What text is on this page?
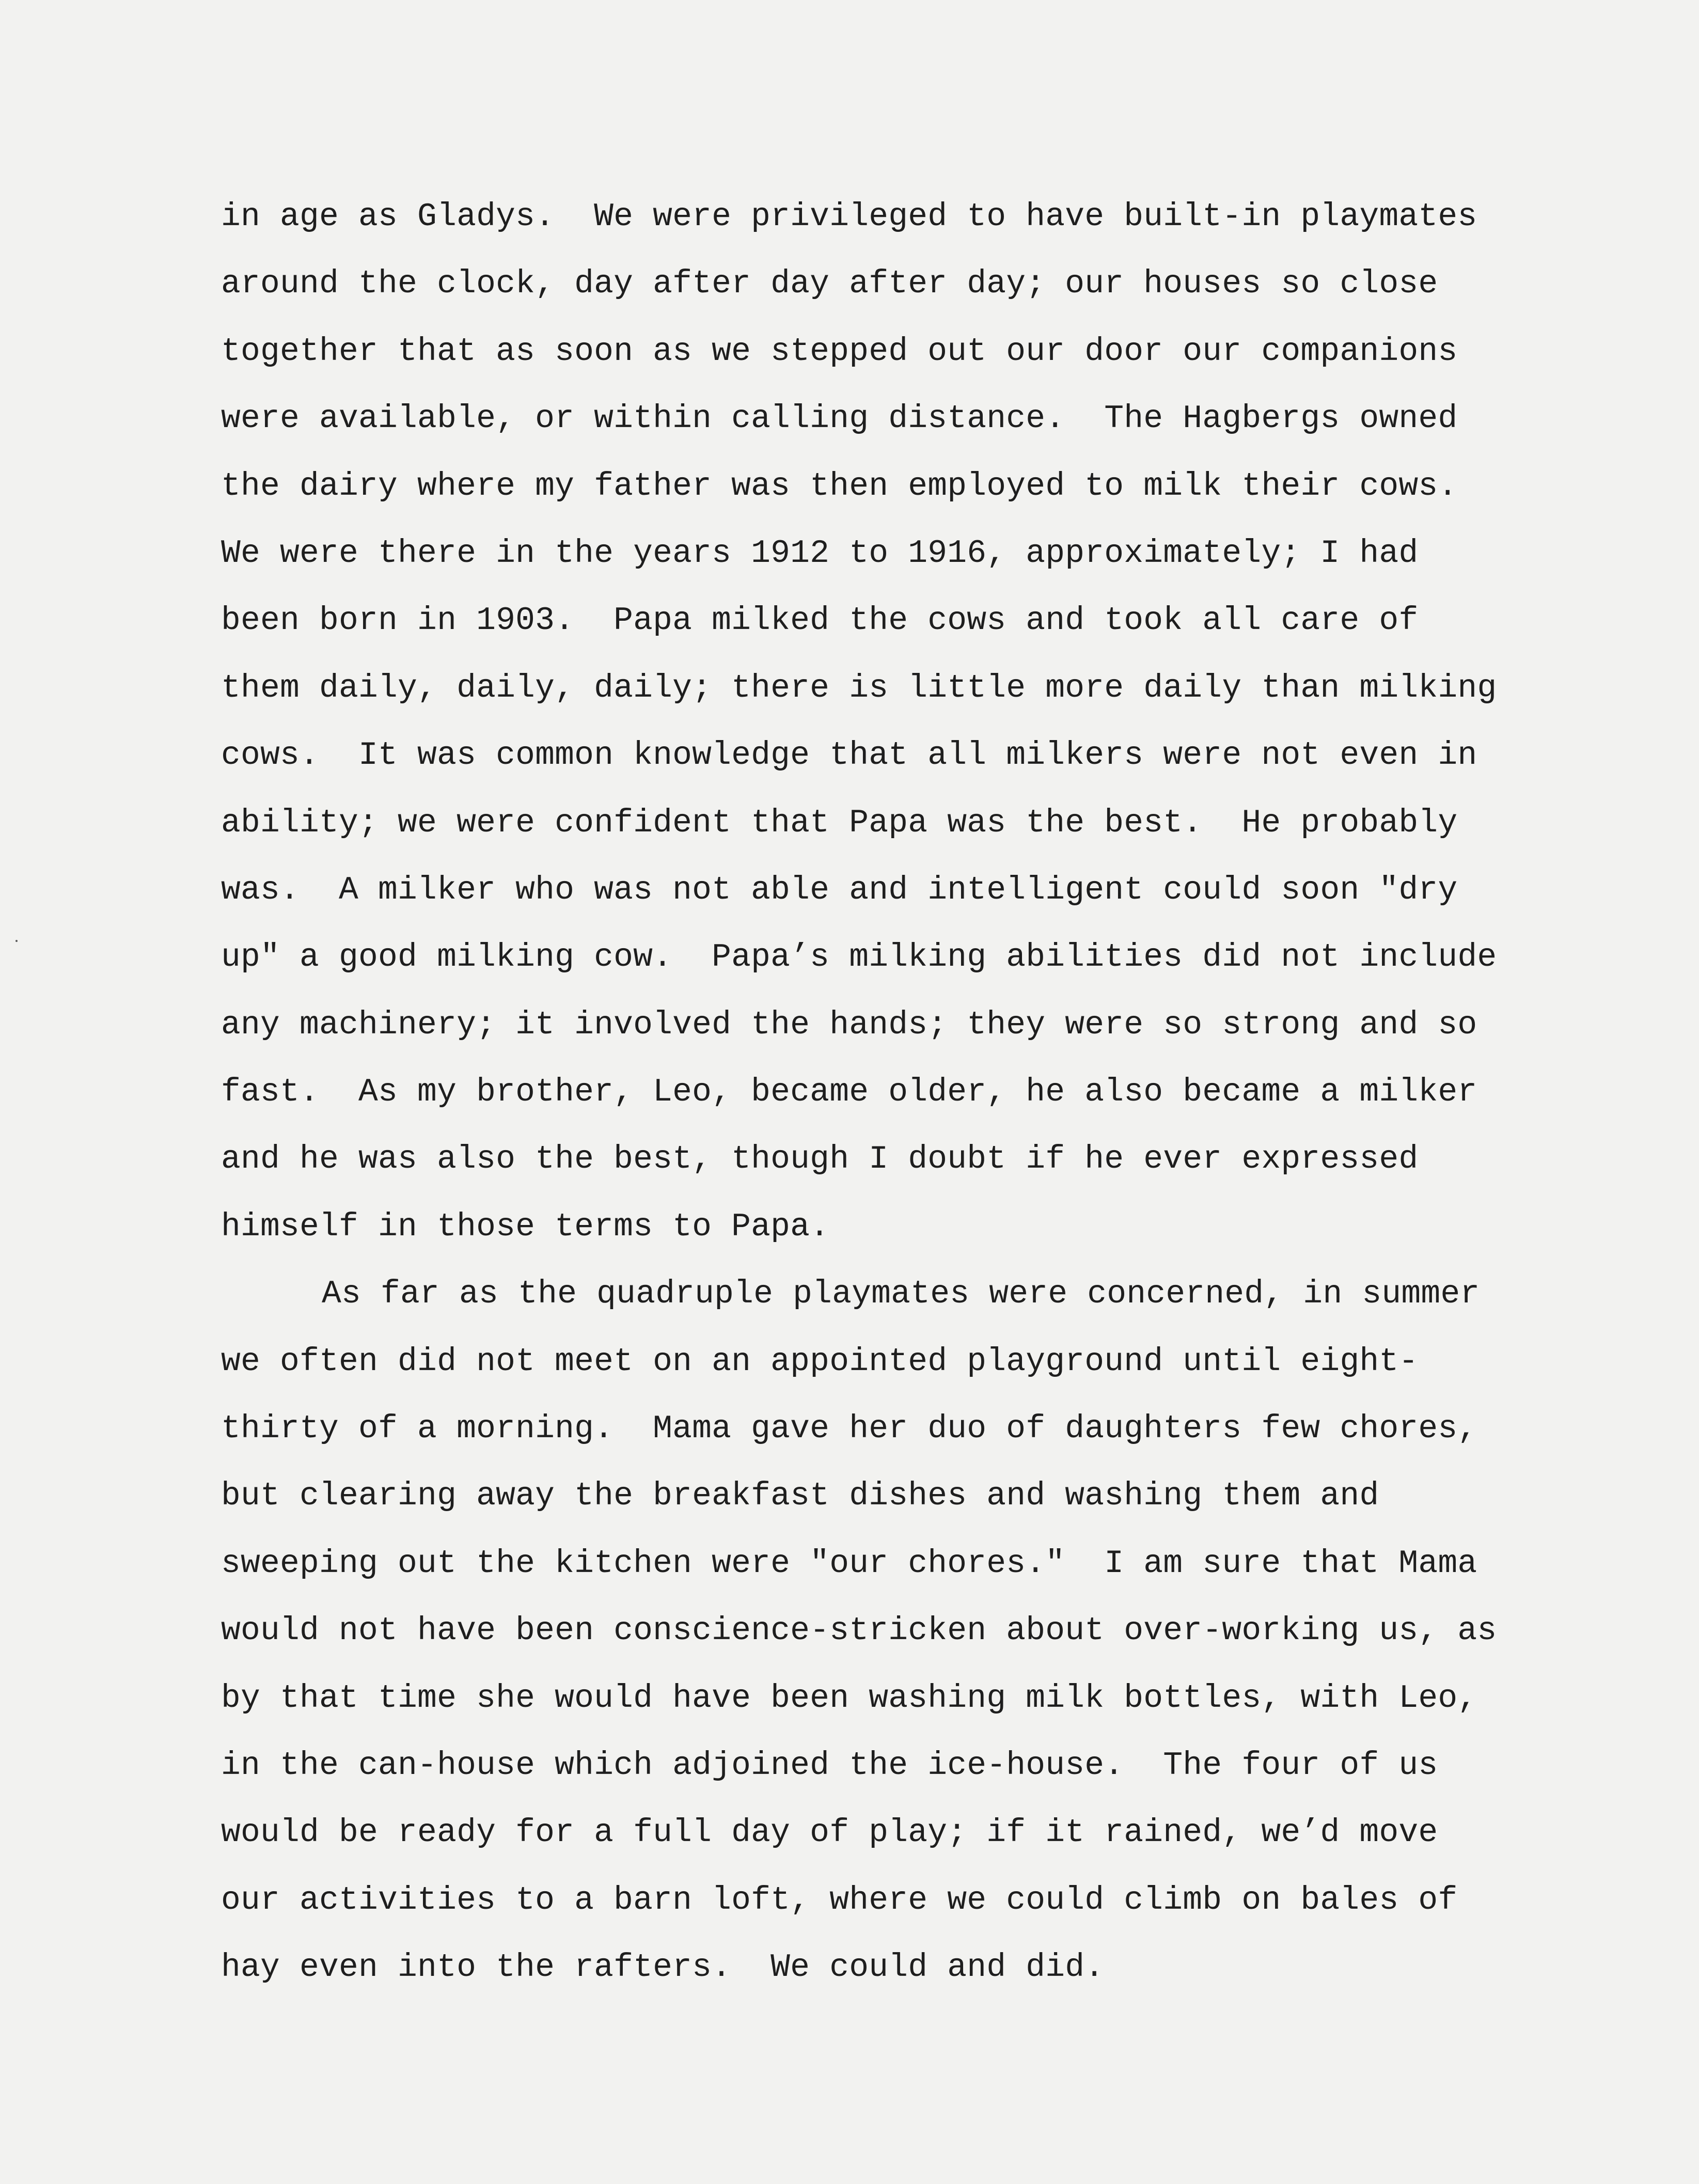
in age as Gladys.  We were privileged to have built-in playmates
around the clock, day after day after day; our houses so close
together that as soon as we stepped out our door our companions
were available, or within calling distance.  The Hagbergs owned
the dairy where my father was then employed to milk their cows.
We were there in the years 1912 to 1916, approximately; I had
been born in 1903.  Papa milked the cows and took all care of
them daily, daily, daily; there is little more daily than milking
cows.  It was common knowledge that all milkers were not even in
ability; we were confident that Papa was the best.  He probably
was.  A milker who was not able and intelligent could soon "dry
up" a good milking cow.  Papa’s milking abilities did not include
any machinery; it involved the hands; they were so strong and so
fast.  As my brother, Leo, became older, he also became a milker
and he was also the best, though I doubt if he ever expressed
himself in those terms to Papa.
As far as the quadruple playmates were concerned, in summer
we often did not meet on an appointed playground until eight-
thirty of a morning.  Mama gave her duo of daughters few chores,
but clearing away the breakfast dishes and washing them and
sweeping out the kitchen were "our chores."  I am sure that Mama
would not have been conscience-stricken about over-working us, as
by that time she would have been washing milk bottles, with Leo,
in the can-house which adjoined the ice-house.  The four of us
would be ready for a full day of play; if it rained, we’d move
our activities to a barn loft, where we could climb on bales of
hay even into the rafters.  We could and did.
